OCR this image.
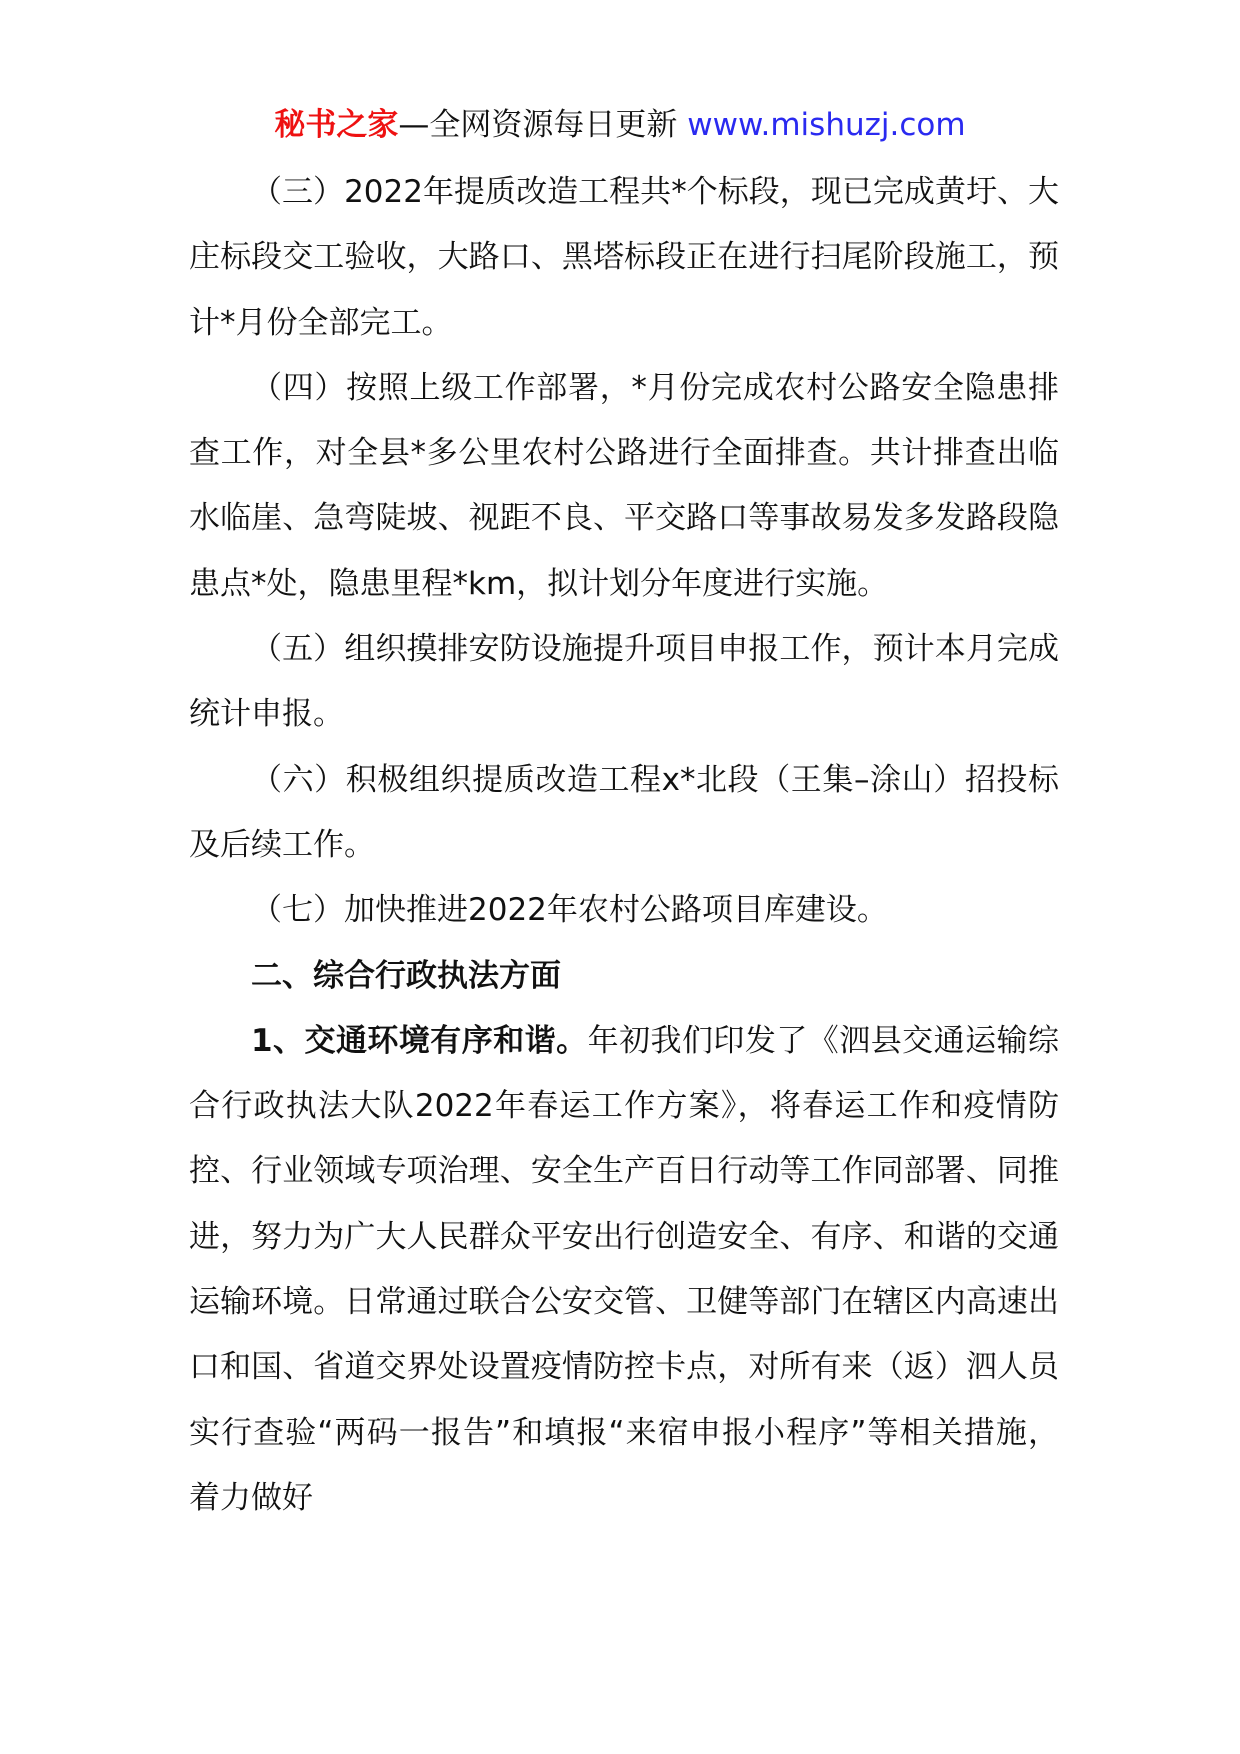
秘书之家—全网资源每日更新 www.mishuzj.com

（三）2022年提质改造工程共*个标段，现已完成黄圩、大庄标段交工验收，大路口、黑塔标段正在进行扫尾阶段施工，预计*月份全部完工。

（四）按照上级工作部署，*月份完成农村公路安全隐患排查工作，对全县*多公里农村公路进行全面排查。共计排查出临水临崖、急弯陡坡、视距不良、平交路口等事故易发多发路段隐患点*处，隐患里程*km，拟计划分年度进行实施。

（五）组织摸排安防设施提升项目申报工作，预计本月完成统计申报。

（六）积极组织提质改造工程x*北段（王集–涂山）招投标及后续工作。

（七）加快推进2022年农村公路项目库建设。

二、综合行政执法方面

1、交通环境有序和谐。年初我们印发了《泗县交通运输综合行政执法大队2022年春运工作方案》，将春运工作和疫情防控、行业领域专项治理、安全生产百日行动等工作同部署、同推进，努力为广大人民群众平安出行创造安全、有序、和谐的交通运输环境。日常通过联合公安交管、卫健等部门在辖区内高速出口和国、省道交界处设置疫情防控卡点，对所有来（返）泗人员实行查验“两码一报告”和填报“来宿申报小程序”等相关措施，着力做好
